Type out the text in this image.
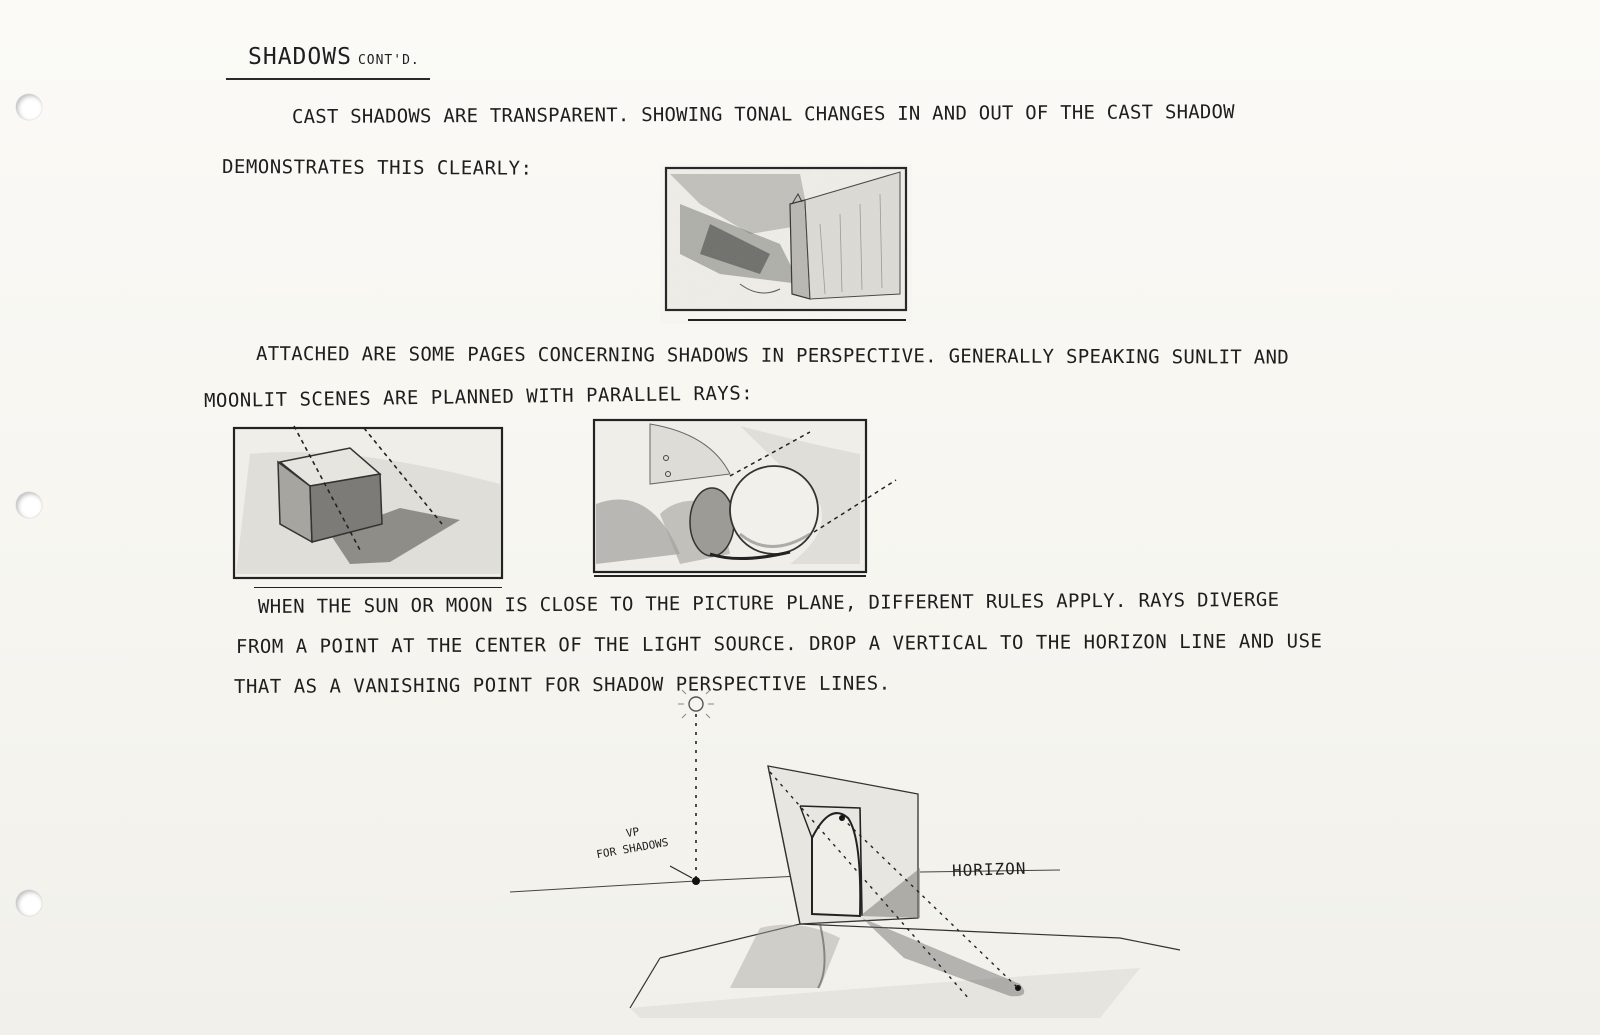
SHADOWS CONT'D.
CAST SHADOWS ARE TRANSPARENT. SHOWING TONAL CHANGES IN AND OUT OF THE CAST SHADOW
DEMONSTRATES THIS CLEARLY:
ATTACHED ARE SOME PAGES CONCERNING SHADOWS IN PERSPECTIVE. GENERALLY SPEAKING SUNLIT AND
MOONLIT SCENES ARE PLANNED WITH PARALLEL RAYS:
WHEN THE SUN OR MOON IS CLOSE TO THE PICTURE PLANE, DIFFERENT RULES APPLY. RAYS DIVERGE
FROM A POINT AT THE CENTER OF THE LIGHT SOURCE. DROP A VERTICAL TO THE HORIZON LINE AND USE
THAT AS A VANISHING POINT FOR SHADOW PERSPECTIVE LINES.
VP
FOR SHADOWS
HORIZON
